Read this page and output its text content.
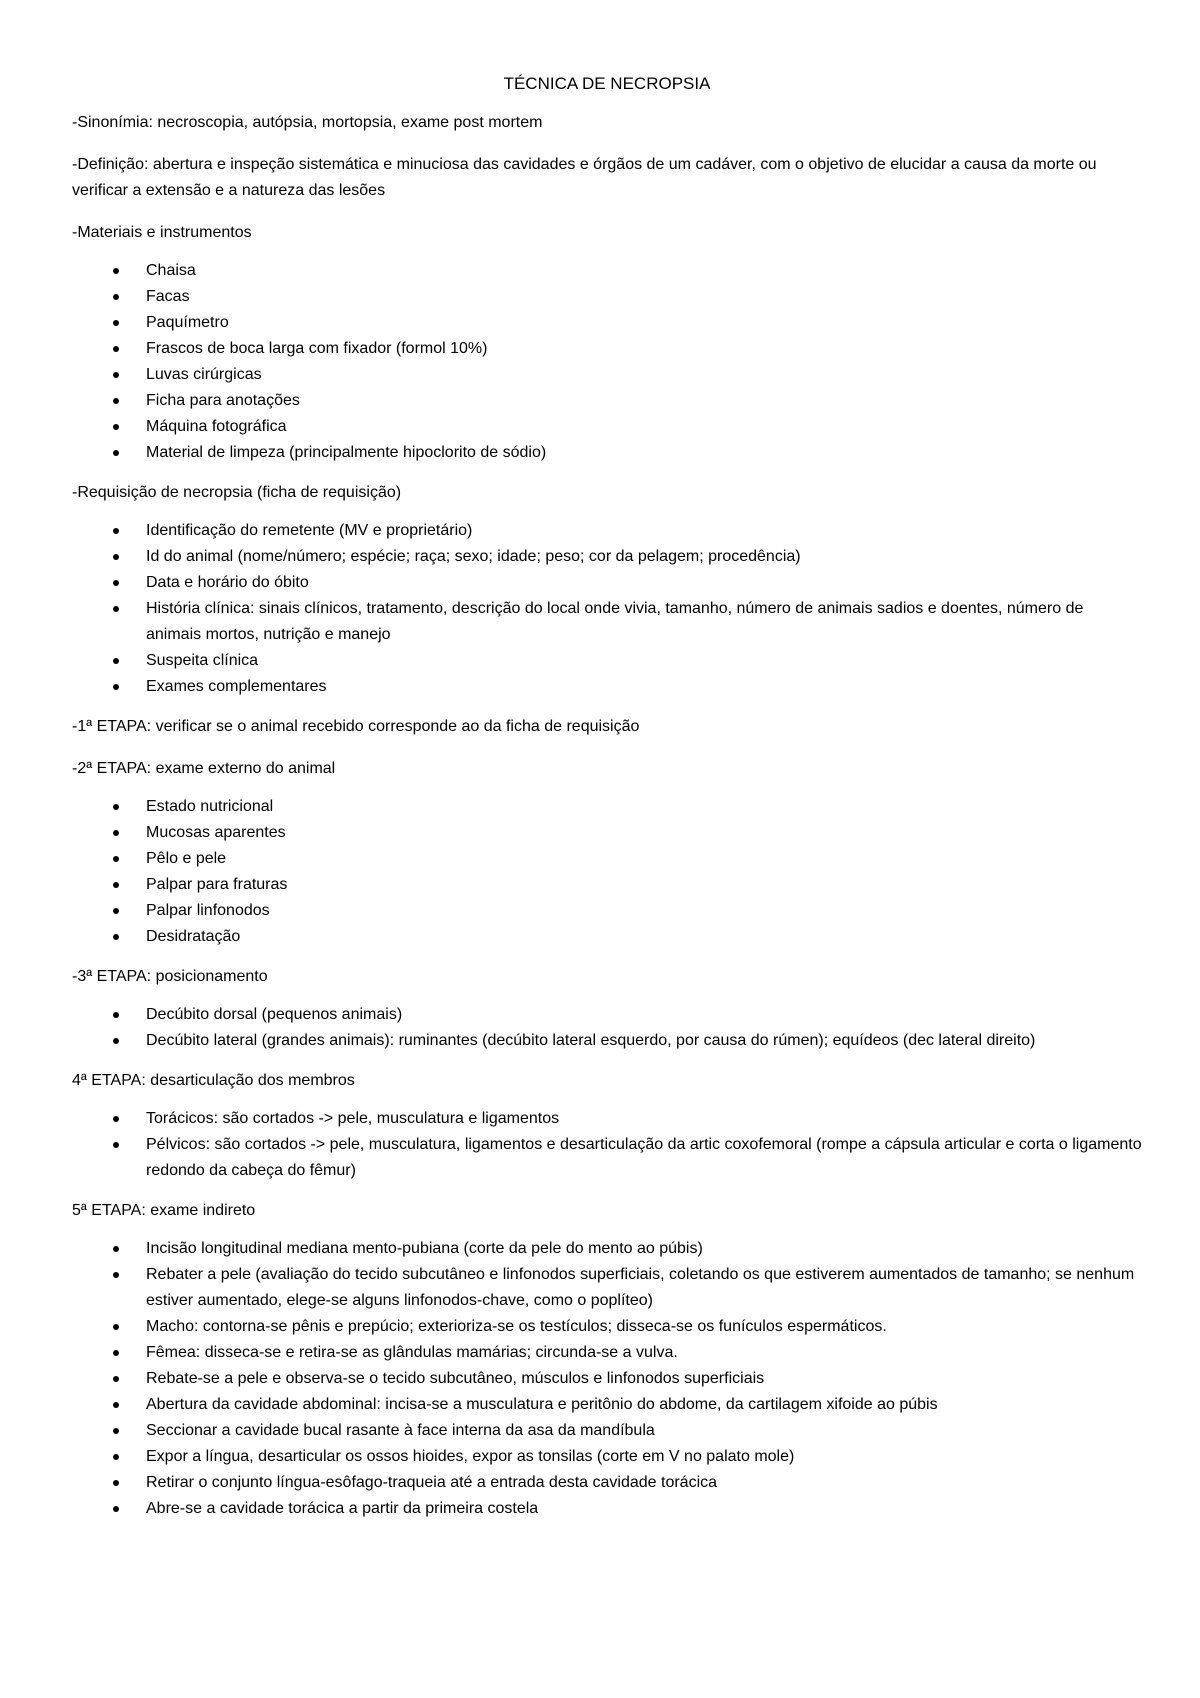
TÉCNICA DE NECROPSIA
-Sinonímia: necroscopia, autópsia, mortopsia, exame post mortem
-Definição: abertura e inspeção sistemática e minuciosa das cavidades e órgãos de um cadáver, com o objetivo de elucidar a causa da morte ou verificar a extensão e a natureza das lesões
-Materiais e instrumentos
Chaisa
Facas
Paquímetro
Frascos de boca larga com fixador (formol 10%)
Luvas cirúrgicas
Ficha para anotações
Máquina fotográfica
Material de limpeza (principalmente hipoclorito de sódio)
-Requisição de necropsia (ficha de requisição)
Identificação do remetente (MV e proprietário)
Id do animal (nome/número; espécie; raça; sexo; idade; peso; cor da pelagem; procedência)
Data e horário do óbito
História clínica: sinais clínicos, tratamento, descrição do local onde vivia, tamanho, número de animais sadios e doentes, número de animais mortos, nutrição e manejo
Suspeita clínica
Exames complementares
-1ª ETAPA: verificar se o animal recebido corresponde ao da ficha de requisição
-2ª ETAPA: exame externo do animal
Estado nutricional
Mucosas aparentes
Pêlo e pele
Palpar para fraturas
Palpar linfonodos
Desidratação
-3ª ETAPA: posicionamento
Decúbito dorsal (pequenos animais)
Decúbito lateral (grandes animais): ruminantes (decúbito lateral esquerdo, por causa do rúmen); equídeos (dec lateral direito)
4ª ETAPA: desarticulação dos membros
Torácicos: são cortados -> pele, musculatura e ligamentos
Pélvicos: são cortados -> pele, musculatura, ligamentos e desarticulação da artic coxofemoral (rompe a cápsula articular e corta o ligamento redondo da cabeça do fêmur)
5ª ETAPA: exame indireto
Incisão longitudinal mediana mento-pubiana (corte da pele do mento ao púbis)
Rebater a pele (avaliação do tecido subcutâneo e linfonodos superficiais, coletando os que estiverem aumentados de tamanho; se nenhum estiver aumentado, elege-se alguns linfonodos-chave, como o poplíteo)
Macho: contorna-se pênis e prepúcio; exterioriza-se os testículos; disseca-se os funículos espermáticos.
Fêmea: disseca-se e retira-se as glândulas mamárias; circunda-se a vulva.
Rebate-se a pele e observa-se o tecido subcutâneo, músculos e linfonodos superficiais
Abertura da cavidade abdominal: incisa-se a musculatura e peritônio do abdome, da cartilagem xifoide ao púbis
Seccionar a cavidade bucal rasante à face interna da asa da mandíbula
Expor a língua, desarticular os ossos hioides, expor as tonsilas (corte em V no palato mole)
Retirar o conjunto língua-esôfago-traqueia até a entrada desta cavidade torácica
Abre-se a cavidade torácica a partir da primeira costela
